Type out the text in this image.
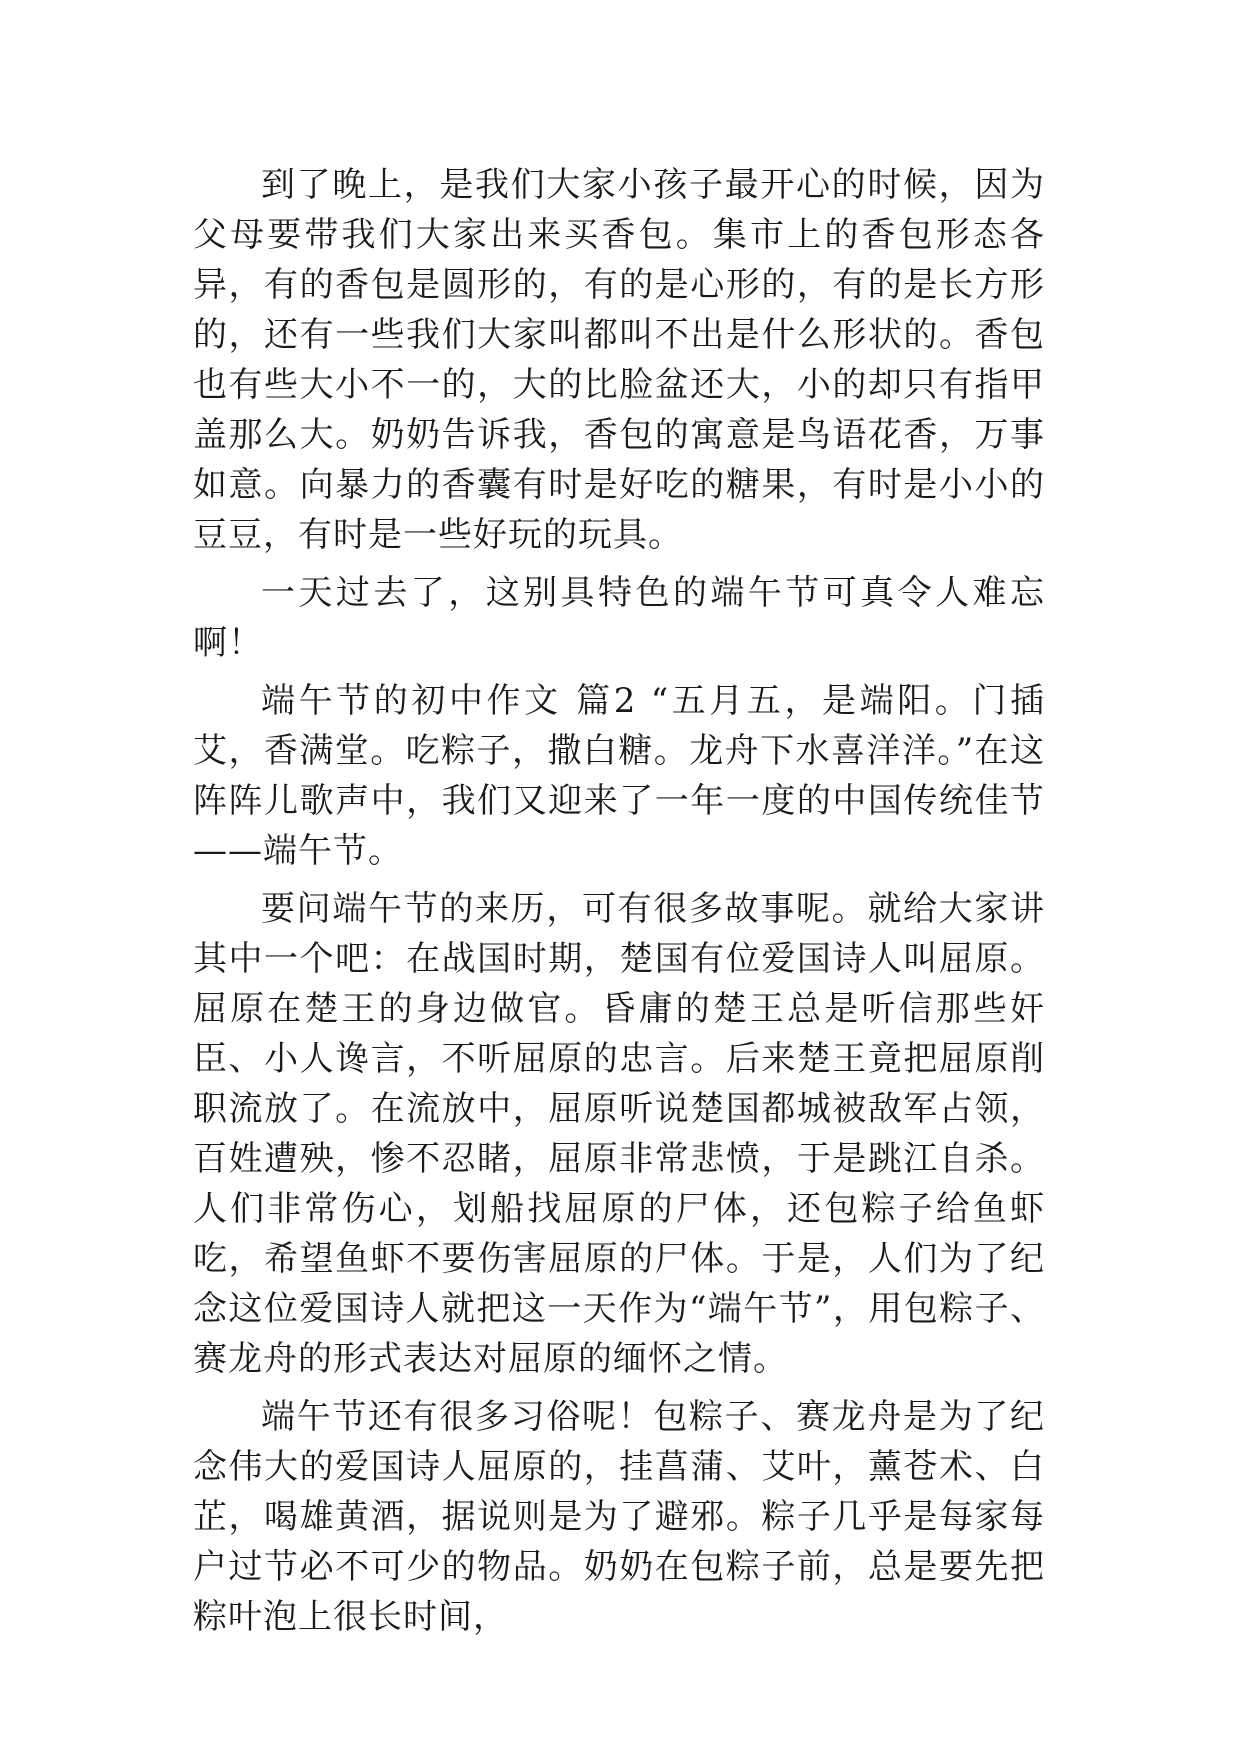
到了晚上，是我们大家小孩子最开心的时候，因为父母要带我们大家出来买香包。集市上的香包形态各异，有的香包是圆形的，有的是心形的，有的是长方形的，还有一些我们大家叫都叫不出是什么形状的。香包也有些大小不一的，大的比脸盆还大，小的却只有指甲盖那么大。奶奶告诉我，香包的寓意是鸟语花香，万事如意。向暴力的香囊有时是好吃的糖果，有时是小小的豆豆，有时是一些好玩的玩具。

一天过去了，这别具特色的端午节可真令人难忘啊！

端午节的初中作文 篇2 “五月五，是端阳。门插艾，香满堂。吃粽子，撒白糖。龙舟下水喜洋洋。”在这阵阵儿歌声中，我们又迎来了一年一度的中国传统佳节——端午节。

要问端午节的来历，可有很多故事呢。就给大家讲其中一个吧：在战国时期，楚国有位爱国诗人叫屈原。屈原在楚王的身边做官。昏庸的楚王总是听信那些奸臣、小人谗言，不听屈原的忠言。后来楚王竟把屈原削职流放了。在流放中，屈原听说楚国都城被敌军占领，百姓遭殃，惨不忍睹，屈原非常悲愤，于是跳江自杀。人们非常伤心，划船找屈原的尸体，还包粽子给鱼虾吃，希望鱼虾不要伤害屈原的尸体。于是，人们为了纪念这位爱国诗人就把这一天作为“端午节”，用包粽子、赛龙舟的形式表达对屈原的缅怀之情。

端午节还有很多习俗呢！包粽子、赛龙舟是为了纪念伟大的爱国诗人屈原的，挂菖蒲、艾叶，薰苍术、白芷，喝雄黄酒，据说则是为了避邪。粽子几乎是每家每户过节必不可少的物品。奶奶在包粽子前，总是要先把粽叶泡上很长时间，
